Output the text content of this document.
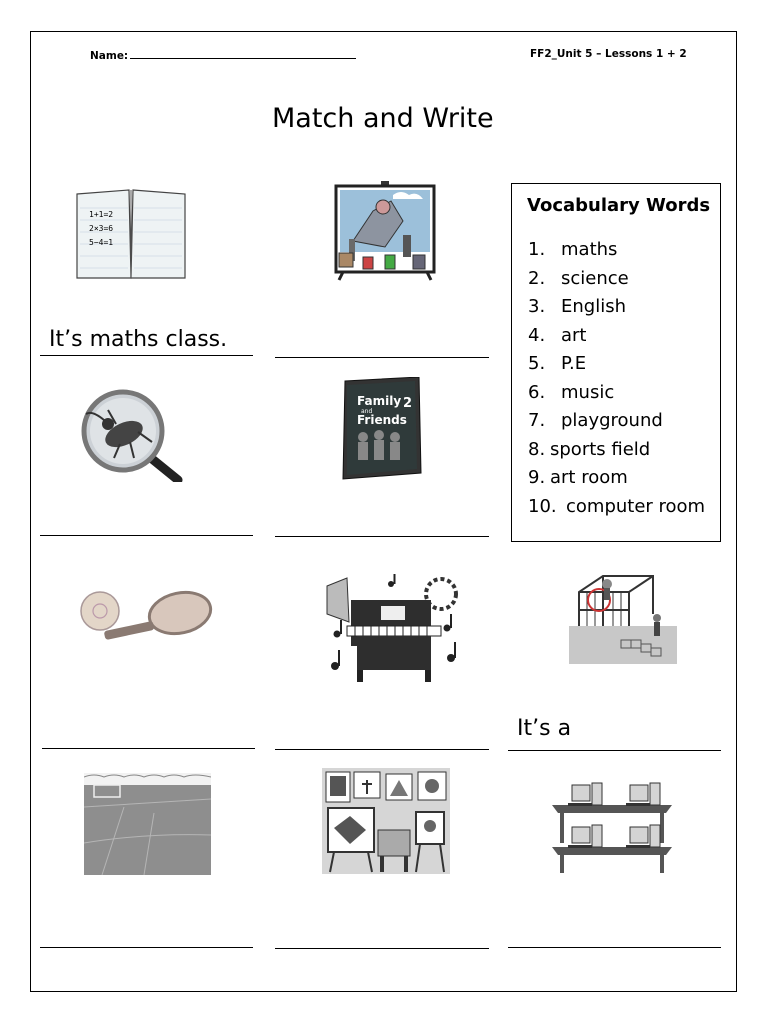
Name:	FF2_Unit 5 – Lessons 1 + 2
Match and Write
Vocabulary Words
1. maths
2. science
3. English
4. art
5. P.E
6. music
7. playground
8. sports field
9. art room
10. computer room
1+1=2
2×3=6
5−4=1
It’s maths class.
Family
and
Friends
2
It’s a
